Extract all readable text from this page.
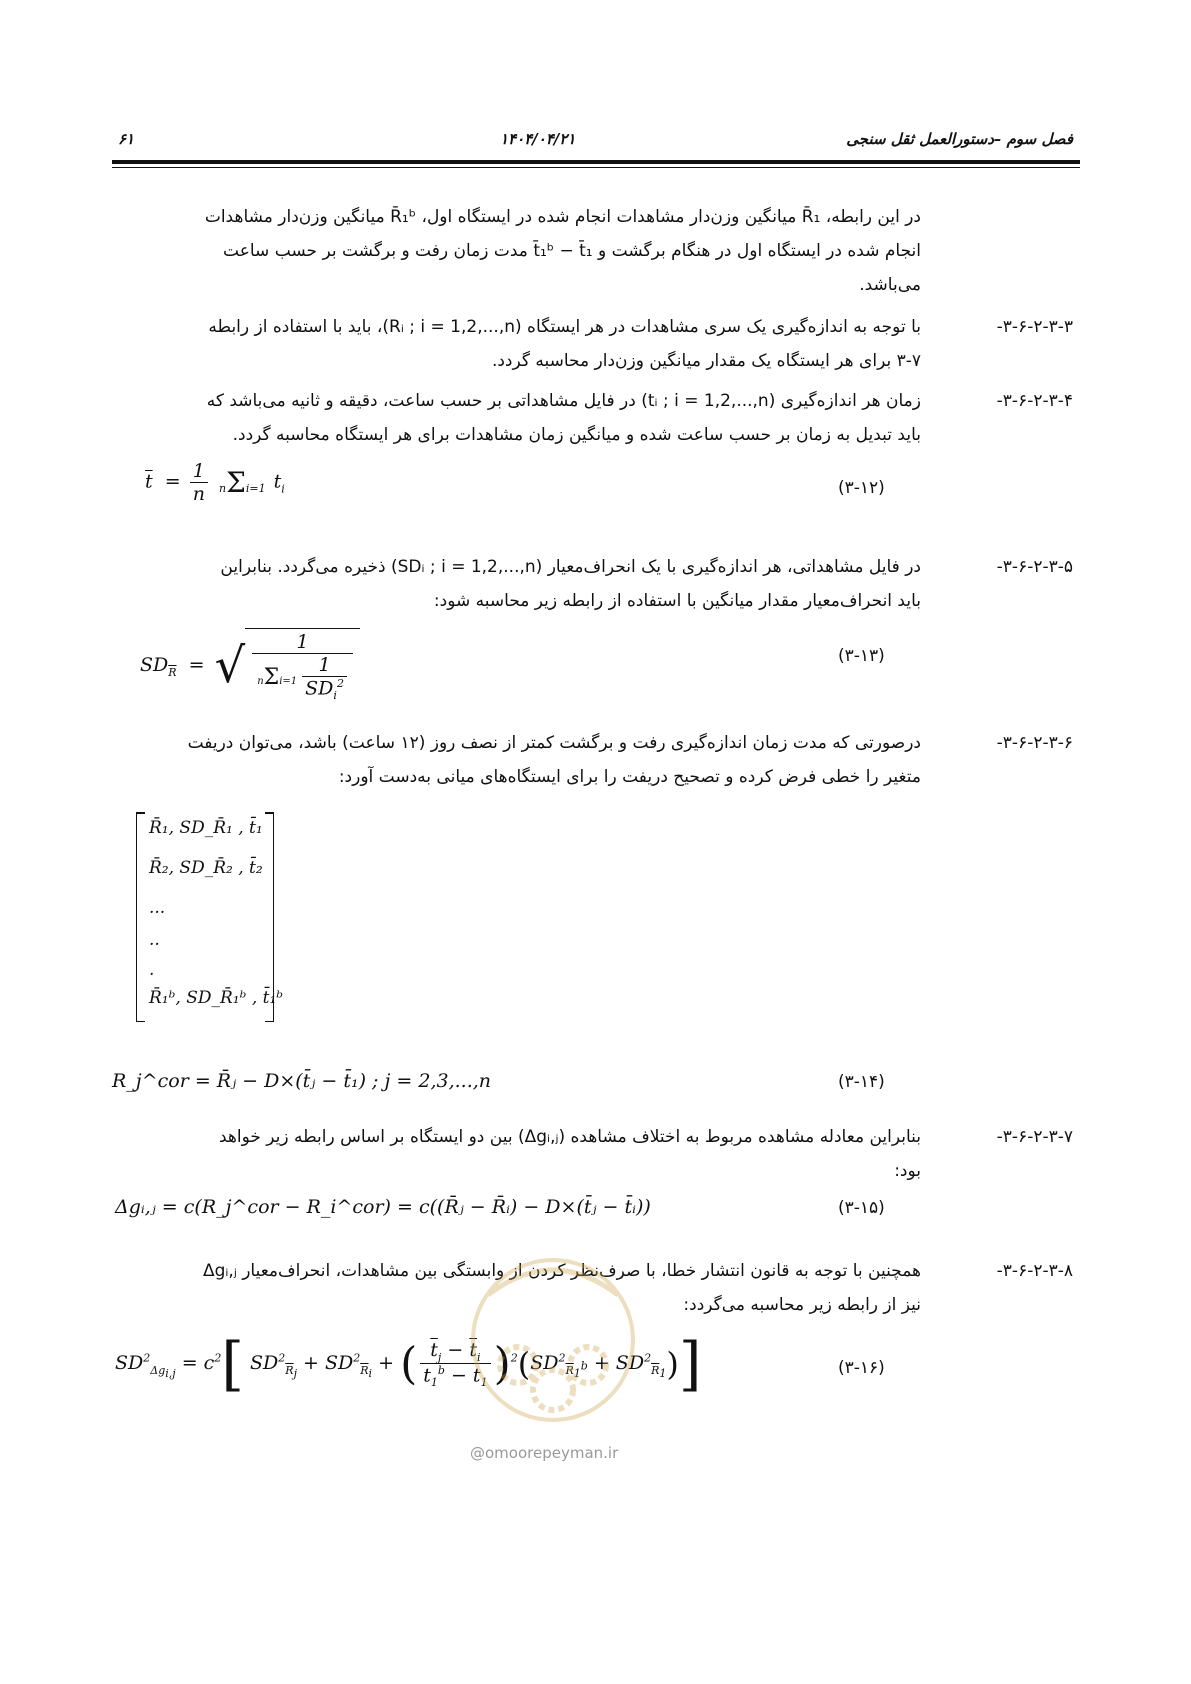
فصل سوم –دستورالعمل ثقل سنجی
۱۴۰۴/۰۴/۲۱
۶۱
در این رابطه، R̄₁ میانگین وزن‌دار مشاهدات انجام شده در ایستگاه اول، R̄₁ᵇ میانگین وزن‌دار مشاهدات
انجام شده در ایستگاه اول در هنگام برگشت و t̄₁ᵇ − t̄₁ مدت زمان رفت و برگشت بر حسب ساعت
می‌باشد.
-۳-۶-۲-۳-۳
با توجه به اندازه‌گیری یک سری مشاهدات در هر ایستگاه (Rᵢ ; i = 1,2,...,n)، باید با استفاده از رابطه
۳-۷ برای هر ایستگاه یک مقدار میانگین وزن‌دار محاسبه گردد.
-۳-۶-۲-۳-۴
زمان هر اندازه‌گیری (tᵢ ; i = 1,2,...,n) در فایل مشاهداتی بر حسب ساعت، دقیقه و ثانیه می‌باشد که
باید تبدیل به زمان بر حسب ساعت شده و میانگین زمان مشاهدات برای هر ایستگاه محاسبه گردد.
$\overline{t} = \frac{1}{n} n\Sigma i=1$ $t_i$	(۳-۱۲)
-۳-۶-۲-۳-۵
در فایل مشاهداتی، هر اندازه‌گیری با یک انحراف‌معیار (SDᵢ ; i = 1,2,...,n) ذخیره می‌گردد. بنابراین
باید انحراف‌معیار مقدار میانگین با استفاده از رابطه زیر محاسبه شود:
$SD_{\overline{R}}$  = √ $\frac{1}{n\Sigma i=1 \frac{1}{SD_i^2}}$	(۳-۱۳)
-۳-۶-۲-۳-۶
درصورتی که مدت زمان اندازه‌گیری رفت و برگشت کمتر از نصف روز (۱۲ ساعت) باشد، می‌توان دریفت
متغیر را خطی فرض کرده و تصحیح دریفت را برای ایستگاه‌های میانی به‌دست آورد:
R̄₁, SD_R̄₁ , t̄₁
R̄₂, SD_R̄₂ , t̄₂
...
..
.
R̄₁ᵇ, SD_R̄₁ᵇ , t̄₁ᵇ
R_j^cor = R̄ⱼ − D×(t̄ⱼ − t̄₁) ; j = 2,3,...,n	(۳-۱۴)
-۳-۶-۲-۳-۷
بنابراین معادله مشاهده مربوط به اختلاف مشاهده (Δgᵢ,ⱼ) بین دو ایستگاه بر اساس رابطه زیر خواهد
بود:
Δgᵢ,ⱼ = c(R_j^cor − R_i^cor) = c((R̄ⱼ − R̄ᵢ) − D×(t̄ⱼ − t̄ᵢ))	(۳-۱۵)
-۳-۶-۲-۳-۸
همچنین با توجه به قانون انتشار خطا، با صرف‌نظر کردن از وابستگی بین مشاهدات، انحراف‌معیار Δgᵢ,ⱼ
نیز از رابطه زیر محاسبه می‌گردد:
$SD^2_{\Delta g_{i,j}} = c^2$[ $SD^2_{\overline{R}_j} + SD^2_{\overline{R}_i}$ + ( $\frac{\overline{t}_j - \overline{t}_i}{\overline{t}_1^b - \overline{t}_1} )^2(SD^2_{\overline{R}_1^b} + SD^2_{\overline{R}_1})$]	(۳-۱۶)
@omoorepeyman.ir
